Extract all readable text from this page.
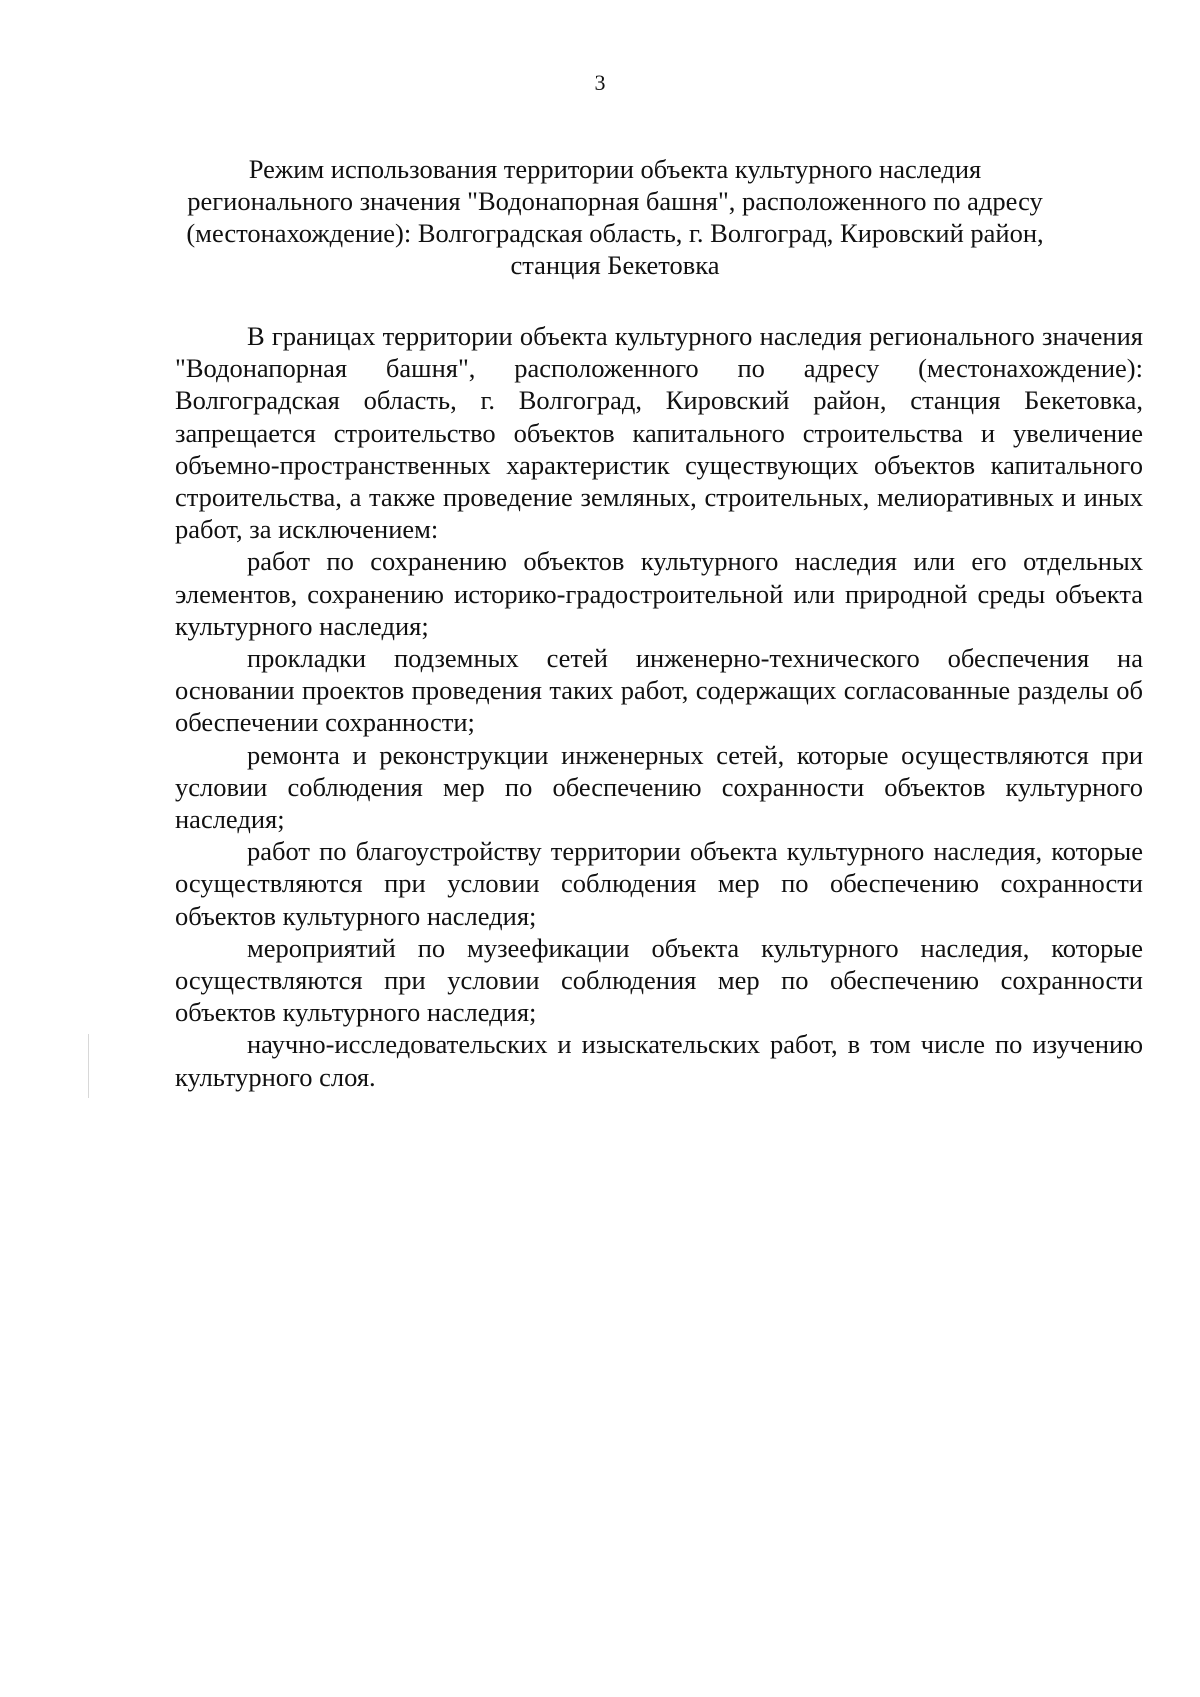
3
Режим использования территории объекта культурного наследия
регионального значения "Водонапорная башня", расположенного по адресу
(местонахождение): Волгоградская область, г. Волгоград, Кировский район,
станция Бекетовка

В границах территории объекта культурного наследия регионального значения "Водонапорная башня", расположенного по адресу (местонахождение): Волгоградская область, г. Волгоград, Кировский район, станция Бекетовка, запрещается строительство объектов капитального строительства и увеличение объемно-пространственных характеристик существующих объектов капитального строительства, а также проведение земляных, строительных, мелиоративных и иных работ, за исключением:

работ по сохранению объектов культурного наследия или его отдельных элементов, сохранению историко-градостроительной или природной среды объекта культурного наследия;

прокладки подземных сетей инженерно-технического обеспечения на основании проектов проведения таких работ, содержащих согласованные разделы об обеспечении сохранности;

ремонта и реконструкции инженерных сетей, которые осуществляются при условии соблюдения мер по обеспечению сохранности объектов культурного наследия;

работ по благоустройству территории объекта культурного наследия, которые осуществляются при условии соблюдения мер по обеспечению сохранности объектов культурного наследия;

мероприятий по музеефикации объекта культурного наследия, которые осуществляются при условии соблюдения мер по обеспечению сохранности объектов культурного наследия;

научно-исследовательских и изыскательских работ, в том числе по изучению культурного слоя.
